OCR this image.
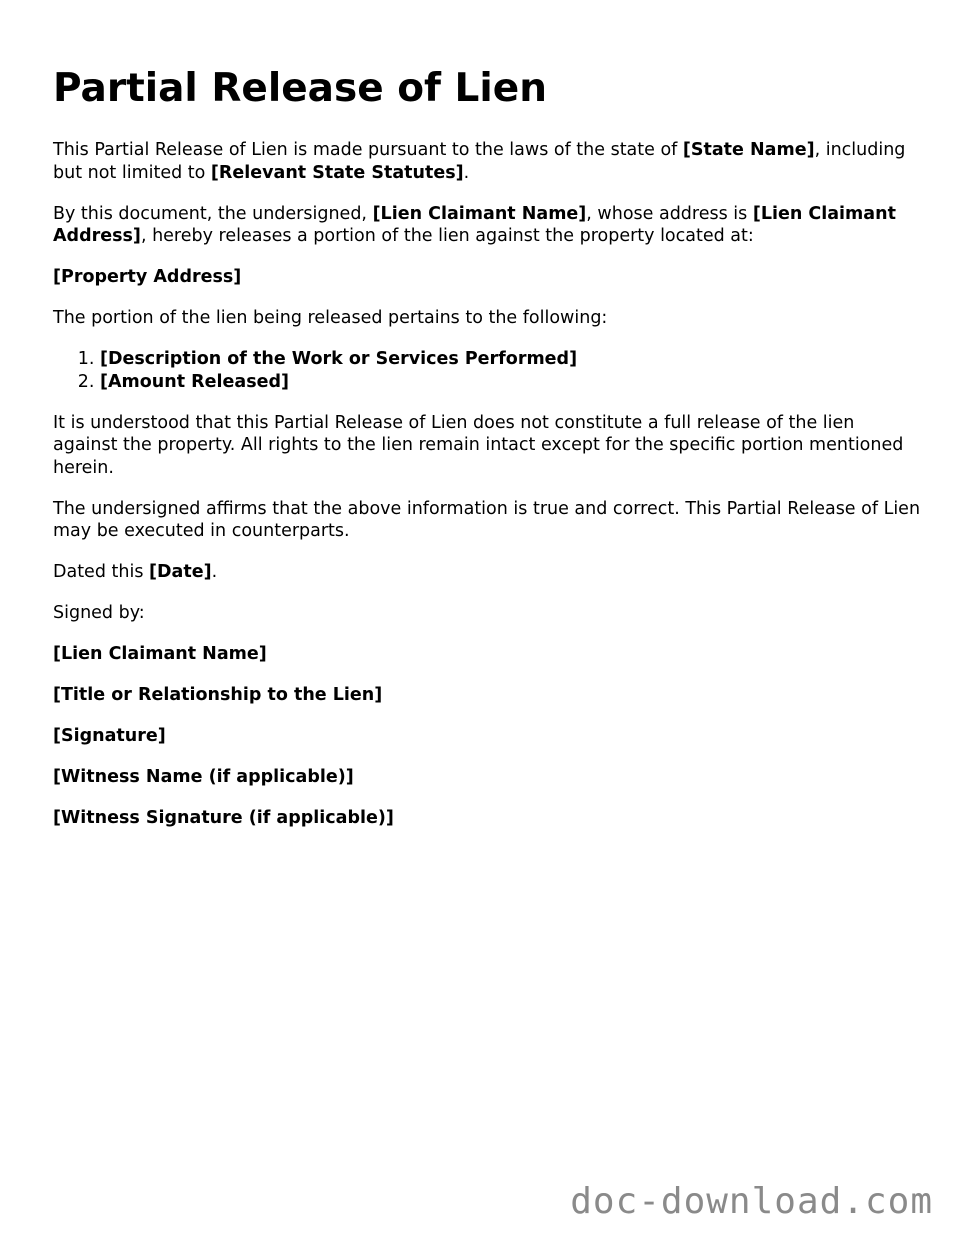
Partial Release of Lien

This Partial Release of Lien is made pursuant to the laws of the state of [State Name], including but not limited to [Relevant State Statutes].

By this document, the undersigned, [Lien Claimant Name], whose address is [Lien Claimant Address], hereby releases a portion of the lien against the property located at:

[Property Address]

The portion of the lien being released pertains to the following:

1. [Description of the Work or Services Performed]
2. [Amount Released]

It is understood that this Partial Release of Lien does not constitute a full release of the lien against the property. All rights to the lien remain intact except for the specific portion mentioned herein.

The undersigned affirms that the above information is true and correct. This Partial Release of Lien may be executed in counterparts.

Dated this [Date].

Signed by:

[Lien Claimant Name]

[Title or Relationship to the Lien]

[Signature]

[Witness Name (if applicable)]

[Witness Signature (if applicable)]

doc-download.com
